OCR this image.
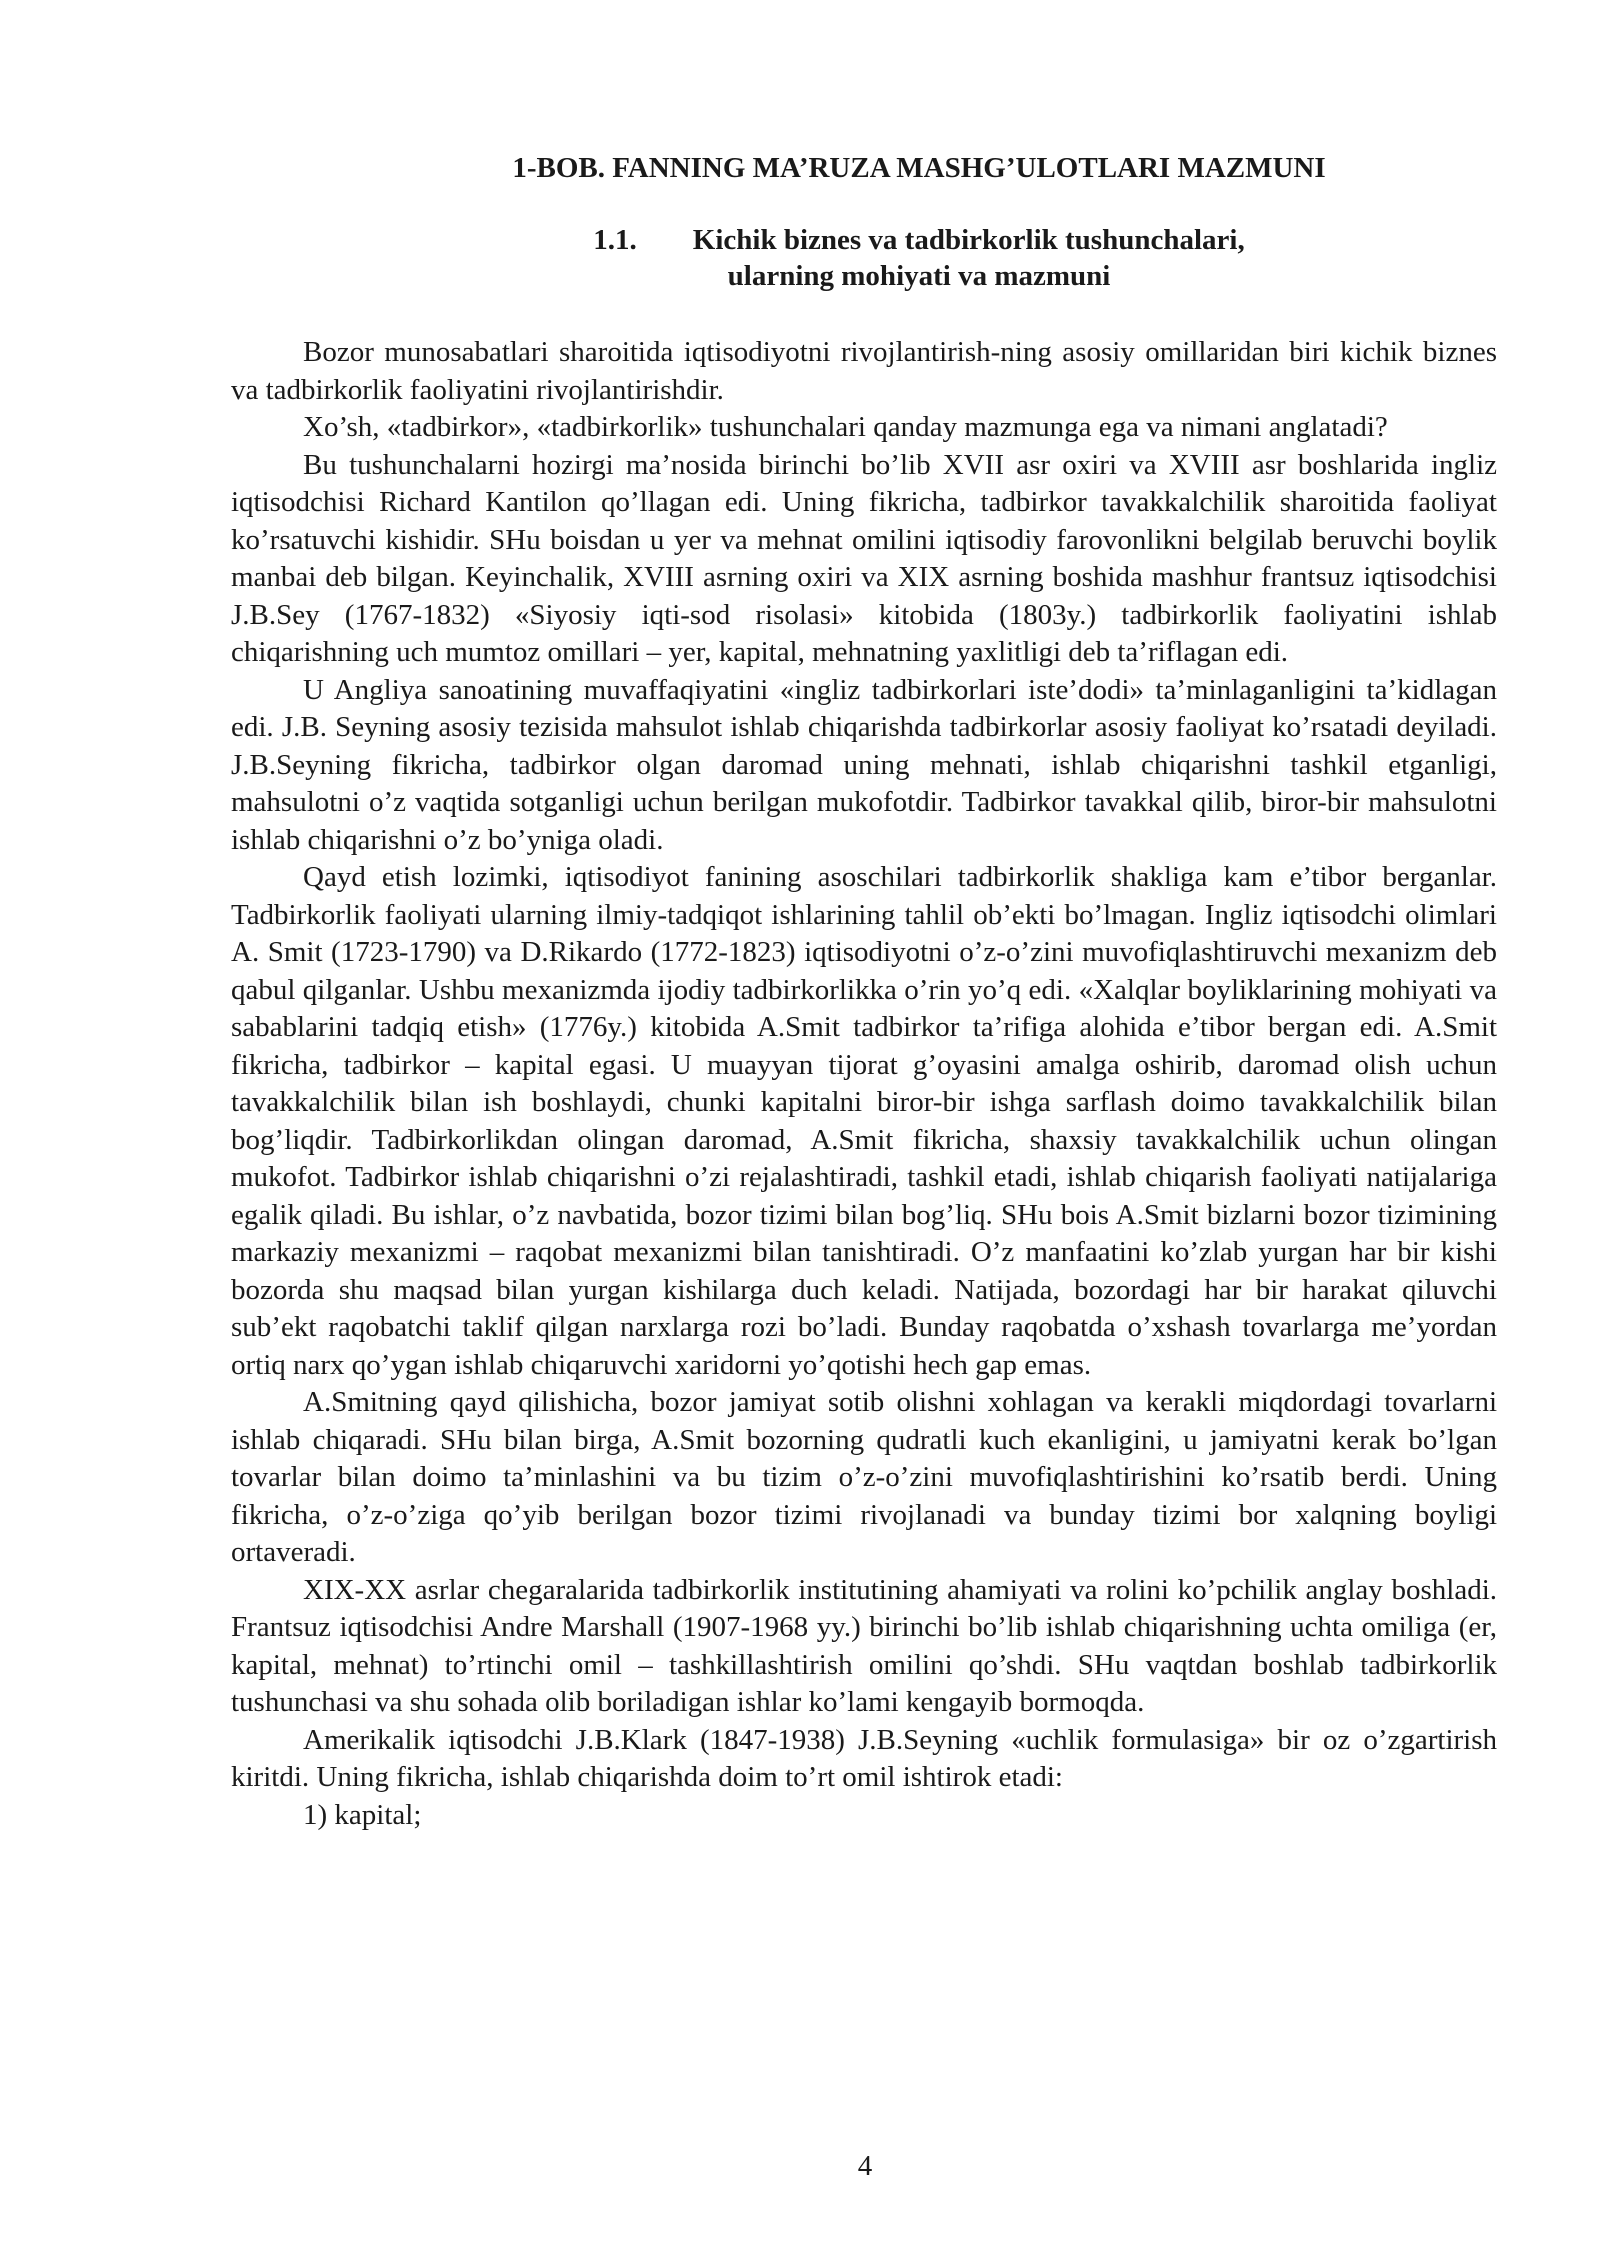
1-BOB. FANNING MA’RUZA MASHG’ULOTLARI MAZMUNI
1.1. Kichik biznes va tadbirkorlik tushunchalari,
ularning mohiyati va mazmuni

Bozor munosabatlari sharoitida iqtisodiyotni rivojlantirish-ning asosiy omillaridan biri kichik biznes va tadbirkorlik faoliyatini rivojlantirishdir.

Xo’sh, «tadbirkor», «tadbirkorlik» tushunchalari qanday mazmunga ega va nimani anglatadi?

Bu tushunchalarni hozirgi ma’nosida birinchi bo’lib XVII asr oxiri va XVIII asr boshlarida ingliz iqtisodchisi Richard Kantilon qo’llagan edi. Uning fikricha, tadbirkor tavakkalchilik sharoitida faoliyat ko’rsatuvchi kishidir. SHu boisdan u yer va mehnat omilini iqtisodiy farovonlikni belgilab beruvchi boylik manbai deb bilgan. Keyinchalik, XVIII asrning oxiri va XIX asrning boshida mashhur frantsuz iqtisodchisi J.B.Sey (1767-1832) «Siyosiy iqti-sod risolasi» kitobida (1803y.) tadbirkorlik faoliyatini ishlab chiqarishning uch mumtoz omillari – yer, kapital, mehnatning yaxlitligi deb ta’riflagan edi.

U Angliya sanoatining muvaffaqiyatini «ingliz tadbirkorlari iste’dodi» ta’minlaganligini ta’kidlagan edi. J.B. Seyning asosiy tezisida mahsulot ishlab chiqarishda tadbirkorlar asosiy faoliyat ko’rsatadi deyiladi. J.B.Seyning fikricha, tadbirkor olgan daromad uning mehnati, ishlab chiqarishni tashkil etganligi, mahsulotni o’z vaqtida sotganligi uchun berilgan mukofotdir. Tadbirkor tavakkal qilib, biror-bir mahsulotni ishlab chiqarishni o’z bo’yniga oladi.

Qayd etish lozimki, iqtisodiyot fanining asoschilari tadbirkorlik shakliga kam e’tibor berganlar. Tadbirkorlik faoliyati ularning ilmiy-tadqiqot ishlarining tahlil ob’ekti bo’lmagan. Ingliz iqtisodchi olimlari A. Smit (1723-1790) va D.Rikardo (1772-1823) iqtisodiyotni o’z-o’zini muvofiqlashtiruvchi mexanizm deb qabul qilganlar. Ushbu mexanizmda ijodiy tadbirkorlikka o’rin yo’q edi. «Xalqlar boyliklarining mohiyati va sabablarini tadqiq etish» (1776y.) kitobida A.Smit tadbirkor ta’rifiga alohida e’tibor bergan edi. A.Smit fikricha, tadbirkor – kapital egasi. U muayyan tijorat g’oyasini amalga oshirib, daromad olish uchun tavakkalchilik bilan ish boshlaydi, chunki kapitalni biror-bir ishga sarflash doimo tavakkalchilik bilan bog’liqdir. Tadbirkorlikdan olingan daromad, A.Smit fikricha, shaxsiy tavakkalchilik uchun olingan mukofot. Tadbirkor ishlab chiqarishni o’zi rejalashtiradi, tashkil etadi, ishlab chiqarish faoliyati natijalariga egalik qiladi. Bu ishlar, o’z navbatida, bozor tizimi bilan bog’liq. SHu bois A.Smit bizlarni bozor tizimining markaziy mexanizmi – raqobat mexanizmi bilan tanishtiradi. O’z manfaatini ko’zlab yurgan har bir kishi bozorda shu maqsad bilan yurgan kishilarga duch keladi. Natijada, bozordagi har bir harakat qiluvchi sub’ekt raqobatchi taklif qilgan narxlarga rozi bo’ladi. Bunday raqobatda o’xshash tovarlarga me’yordan ortiq narx qo’ygan ishlab chiqaruvchi xaridorni yo’qotishi hech gap emas.

A.Smitning qayd qilishicha, bozor jamiyat sotib olishni xohlagan va kerakli miqdordagi tovarlarni ishlab chiqaradi. SHu bilan birga, A.Smit bozorning qudratli kuch ekanligini, u jamiyatni kerak bo’lgan tovarlar bilan doimo ta’minlashini va bu tizim o’z-o’zini muvofiqlashtirishini ko’rsatib berdi. Uning fikricha, o’z-o’ziga qo’yib berilgan bozor tizimi rivojlanadi va bunday tizimi bor xalqning boyligi ortaveradi.

XIX-XX asrlar chegaralarida tadbirkorlik institutining ahamiyati va rolini ko’pchilik anglay boshladi. Frantsuz iqtisodchisi Andre Marshall (1907-1968 yy.) birinchi bo’lib ishlab chiqarishning uchta omiliga (er, kapital, mehnat) to’rtinchi omil – tashkillashtirish omilini qo’shdi. SHu vaqtdan boshlab tadbirkorlik tushunchasi va shu sohada olib boriladigan ishlar ko’lami kengayib bormoqda.

Amerikalik iqtisodchi J.B.Klark (1847-1938) J.B.Seyning «uchlik formulasiga» bir oz o’zgartirish kiritdi. Uning fikricha, ishlab chiqarishda doim to’rt omil ishtirok etadi:

1) kapital;

4
